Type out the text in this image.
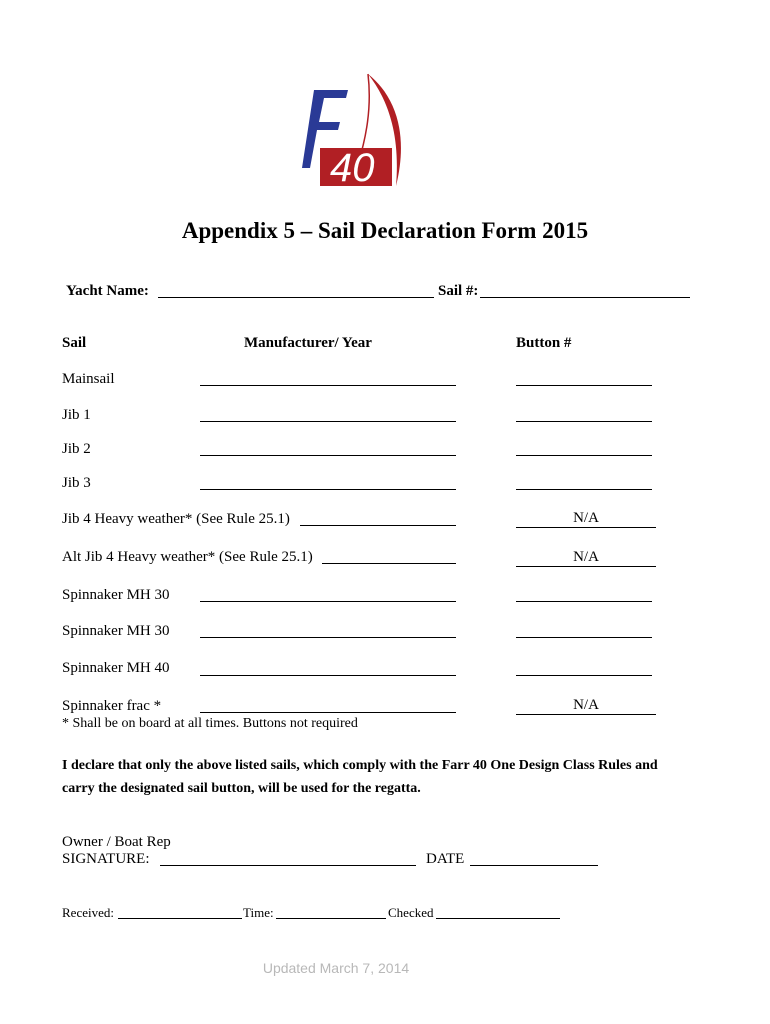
40
Appendix 5 – Sail Declaration Form 2015
Yacht Name:	Sail #:
Sail	Manufacturer/ Year	Button #
Mainsail
Jib 1
Jib 2
Jib 3
Jib 4 Heavy weather* (See Rule 25.1)	N/A
Alt Jib 4 Heavy weather* (See Rule 25.1)	N/A
Spinnaker MH 30
Spinnaker MH 30
Spinnaker MH 40
Spinnaker frac *	N/A
* Shall be on board at all times. Buttons not required
I declare that only the above listed sails, which comply with the Farr 40 One Design Class Rules and
carry the designated sail button, will be used for the regatta.
Owner / Boat Rep
SIGNATURE:	DATE
Received:	Time:	Checked
Updated March 7, 2014
